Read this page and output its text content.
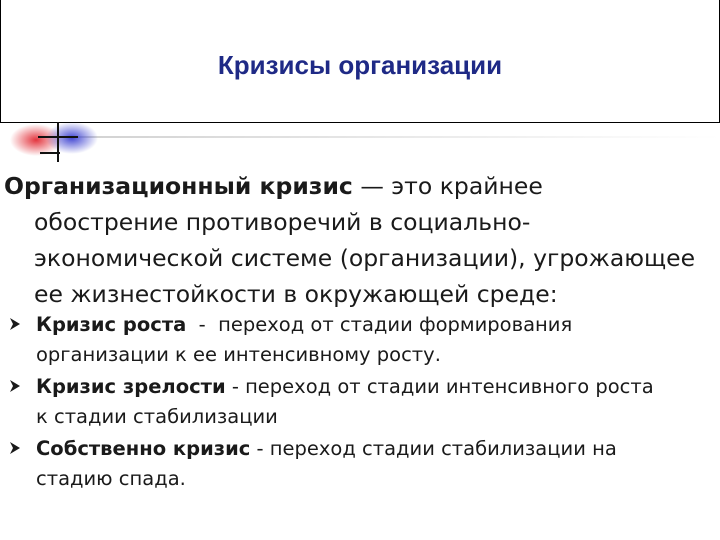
Кризисы организации
Организационный кризис — это крайнее
обострение противоречий в социально-
экономической системе (организации), угрожающее
ее жизнестойкости в окружающей среде:
Кризис роста  -  переход от стадии формирования
организации к ее интенсивному росту.
Кризис зрелости - переход от стадии интенсивного роста
к стадии стабилизации
Собственно кризис - переход стадии стабилизации на
стадию спада.
